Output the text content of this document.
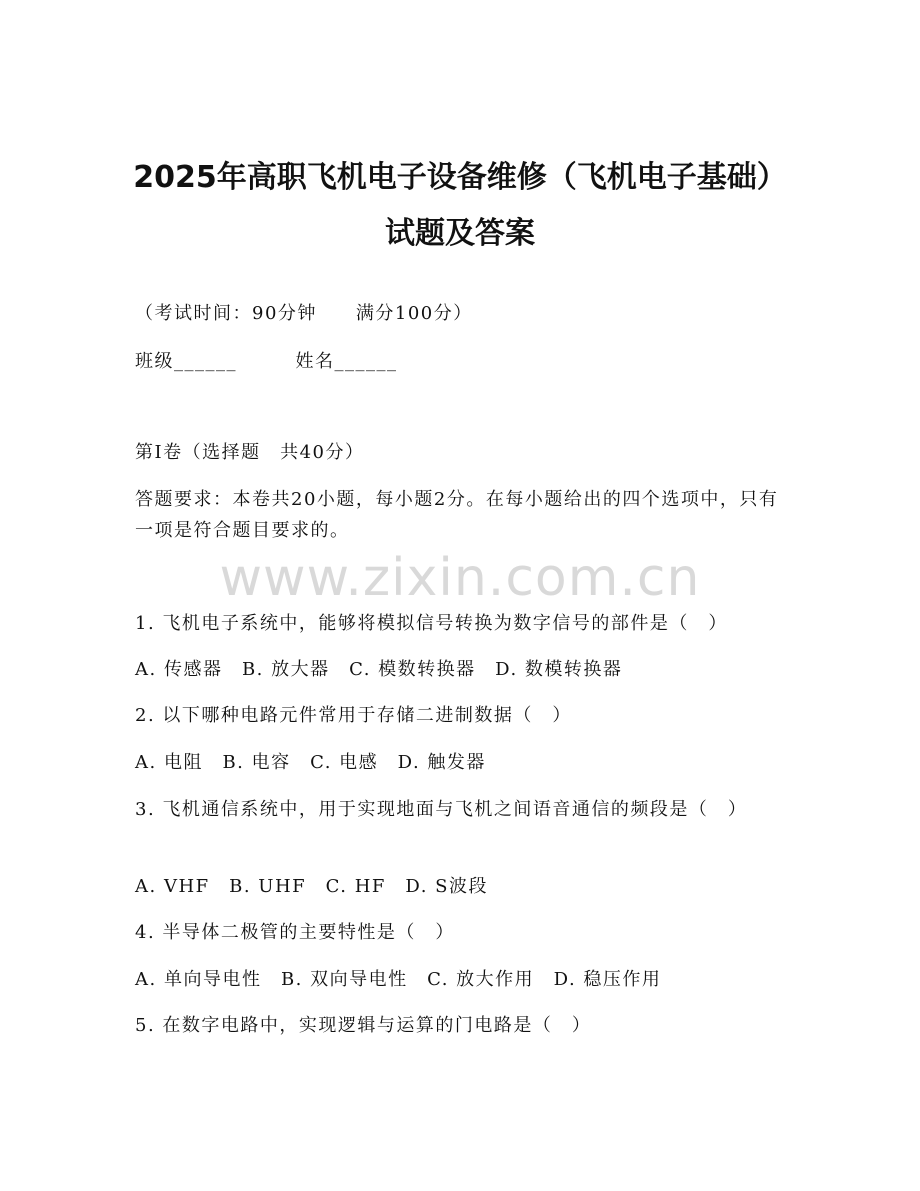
2025年高职飞机电子设备维修（飞机电子基础）试题及答案
（考试时间：90分钟　　满分100分）
班级______　　　姓名______
第I卷（选择题　共40分）
答题要求：本卷共20小题，每小题2分。在每小题给出的四个选项中，只有一项是符合题目要求的。
www.zixin.com.cn
1. 飞机电子系统中，能够将模拟信号转换为数字信号的部件是（　）
A. 传感器　B. 放大器　C. 模数转换器　D. 数模转换器
2. 以下哪种电路元件常用于存储二进制数据（　）
A. 电阻　B. 电容　C. 电感　D. 触发器
3. 飞机通信系统中，用于实现地面与飞机之间语音通信的频段是（　）
A. VHF　B. UHF　C. HF　D. S波段
4. 半导体二极管的主要特性是（　）
A. 单向导电性　B. 双向导电性　C. 放大作用　D. 稳压作用
5. 在数字电路中，实现逻辑与运算的门电路是（　）
